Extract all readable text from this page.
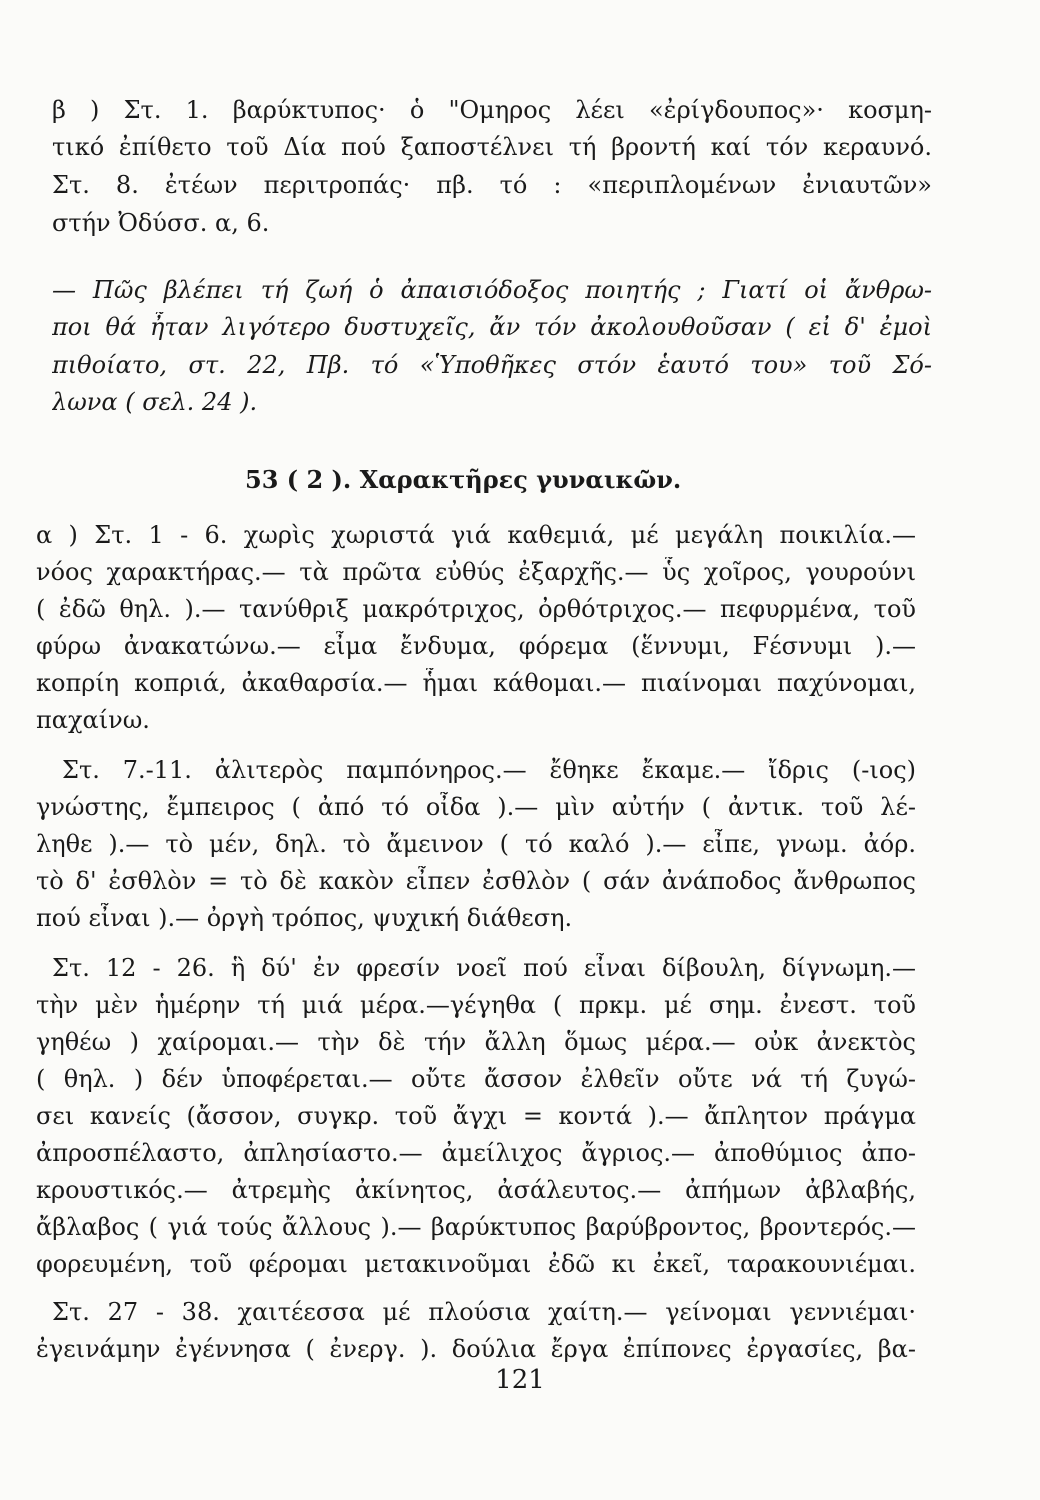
β ) Στ. 1. βαρύκτυπος· ὁ "Ομηρος λέει «ἐρίγδουπος»· κοσμη-
τικό ἐπίθετο τοῦ Δία πού ξαποστέλνει τή βροντή καί τόν κεραυνό.
Στ. 8. ἐτέων περιτροπάς· πβ. τό : «περιπλομένων ἐνιαυτῶν»
στήν Ὀδύσσ. α, 6.
— Πῶς βλέπει τή ζωή ὁ ἀπαισιόδοξος ποιητής ; Γιατί οἱ ἄνθρω-
ποι θά ἦταν λιγότερο δυστυχεῖς, ἄν τόν ἀκολουθοῦσαν ( εἰ δ' ἐμοὶ
πιθοίατο, στ. 22, Πβ. τό «Ὑποθῆκες στόν ἑαυτό του» τοῦ Σό-
λωνα ( σελ. 24 ).
53 ( 2 ). Χαρακτῆρες γυναικῶν.
α ) Στ. 1 - 6. χωρὶς χωριστά γιά καθεμιά, μέ μεγάλη ποικιλία.—
νόος χαρακτήρας.— τὰ πρῶτα εὐθύς ἐξαρχῆς.— ὗς χοῖρος, γουρούνι
( ἐδῶ θηλ. ).— τανύθριξ μακρότριχος, ὀρθότριχος.— πεφυρμένα, τοῦ
φύρω ἀνακατώνω.— εἶμα ἔνδυμα, φόρεμα (ἕννυμι, Fέσνυμι ).—
κοπρίη κοπριά, ἀκαθαρσία.— ἧμαι κάθομαι.— πιαίνομαι παχύνομαι,
παχαίνω.
Στ. 7.-11. ἀλιτερὸς παμπόνηρος.— ἔθηκε ἔκαμε.— ἴδρις (-ιος)
γνώστης, ἔμπειρος ( ἀπό τό οἶδα ).— μὶν αὐτήν ( ἀντικ. τοῦ λέ-
ληθε ).— τὸ μέν, δηλ. τὸ ἄμεινον ( τό καλό ).— εἶπε, γνωμ. ἀόρ.
τὸ δ' ἐσθλὸν = τὸ δὲ κακὸν εἶπεν ἐσθλὸν ( σάν ἀνάποδος ἄνθρωπος
πού εἶναι ).— ὀργὴ τρόπος, ψυχική διάθεση.
Στ. 12 - 26. ἣ δύ' ἐν φρεσίν νοεῖ πού εἶναι δίβουλη, δίγνωμη.—
τὴν μὲν ἡμέρην τή μιά μέρα.—γέγηθα ( πρκμ. μέ σημ. ἐνεστ. τοῦ
γηθέω ) χαίρομαι.— τὴν δὲ τήν ἄλλη ὅμως μέρα.— οὐκ ἀνεκτὸς
( θηλ. ) δέν ὑποφέρεται.— οὔτε ἄσσον ἐλθεῖν οὔτε νά τή ζυγώ-
σει κανείς (ἄσσον, συγκρ. τοῦ ἄγχι = κοντά ).— ἄπλητον πράγμα
ἀπροσπέλαστο, ἀπλησίαστο.— ἀμείλιχος ἄγριος.— ἀποθύμιος ἀπο-
κρουστικός.— ἀτρεμὴς ἀκίνητος, ἀσάλευτος.— ἀπήμων ἀβλαβής,
ἄβλαβος ( γιά τούς ἄλλους ).— βαρύκτυπος βαρύβροντος, βροντερός.—
φορευμένη, τοῦ φέρομαι μετακινοῦμαι ἐδῶ κι ἐκεῖ, ταρακουνιέμαι.
Στ. 27 - 38. χαιτέεσσα μέ πλούσια χαίτη.— γείνομαι γεννιέμαι·
ἐγεινάμην ἐγέννησα ( ἐνεργ. ). δούλια ἔργα ἐπίπονες ἐργασίες, βα-
121
